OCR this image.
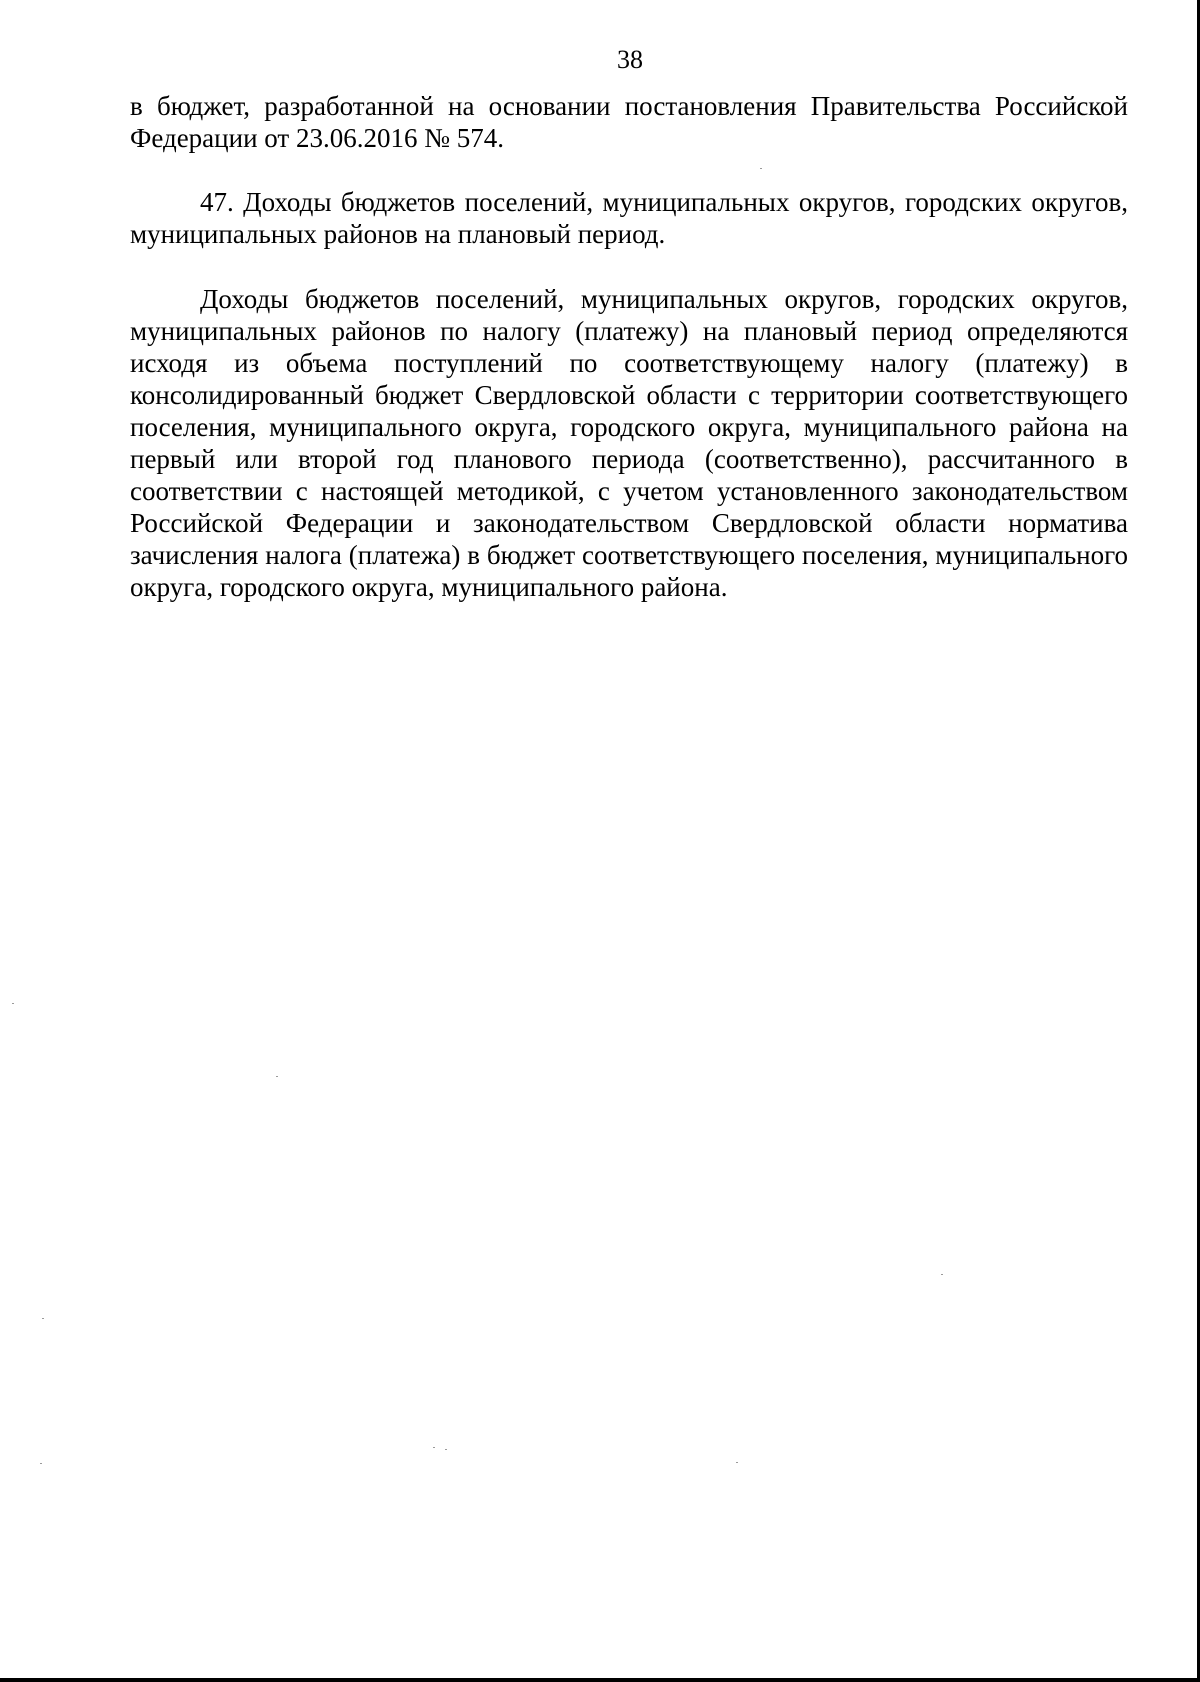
38

в бюджет, разработанной на основании постановления Правительства Российской Федерации от 23.06.2016 № 574.

47. Доходы бюджетов поселений, муниципальных округов, городских округов, муниципальных районов на плановый период.

Доходы бюджетов поселений, муниципальных округов, городских округов, муниципальных районов по налогу (платежу) на плановый период определяются исходя из объема поступлений по соответствующему налогу (платежу) в консолидированный бюджет Свердловской области с территории соответствующего поселения, муниципального округа, городского округа, муниципального района на первый или второй год планового периода (соответственно), рассчитанного в соответствии с настоящей методикой, с учетом установленного законодательством Российской Федерации и законодательством Свердловской области норматива зачисления налога (платежа) в бюджет соответствующего поселения, муниципального округа, городского округа, муниципального района.
